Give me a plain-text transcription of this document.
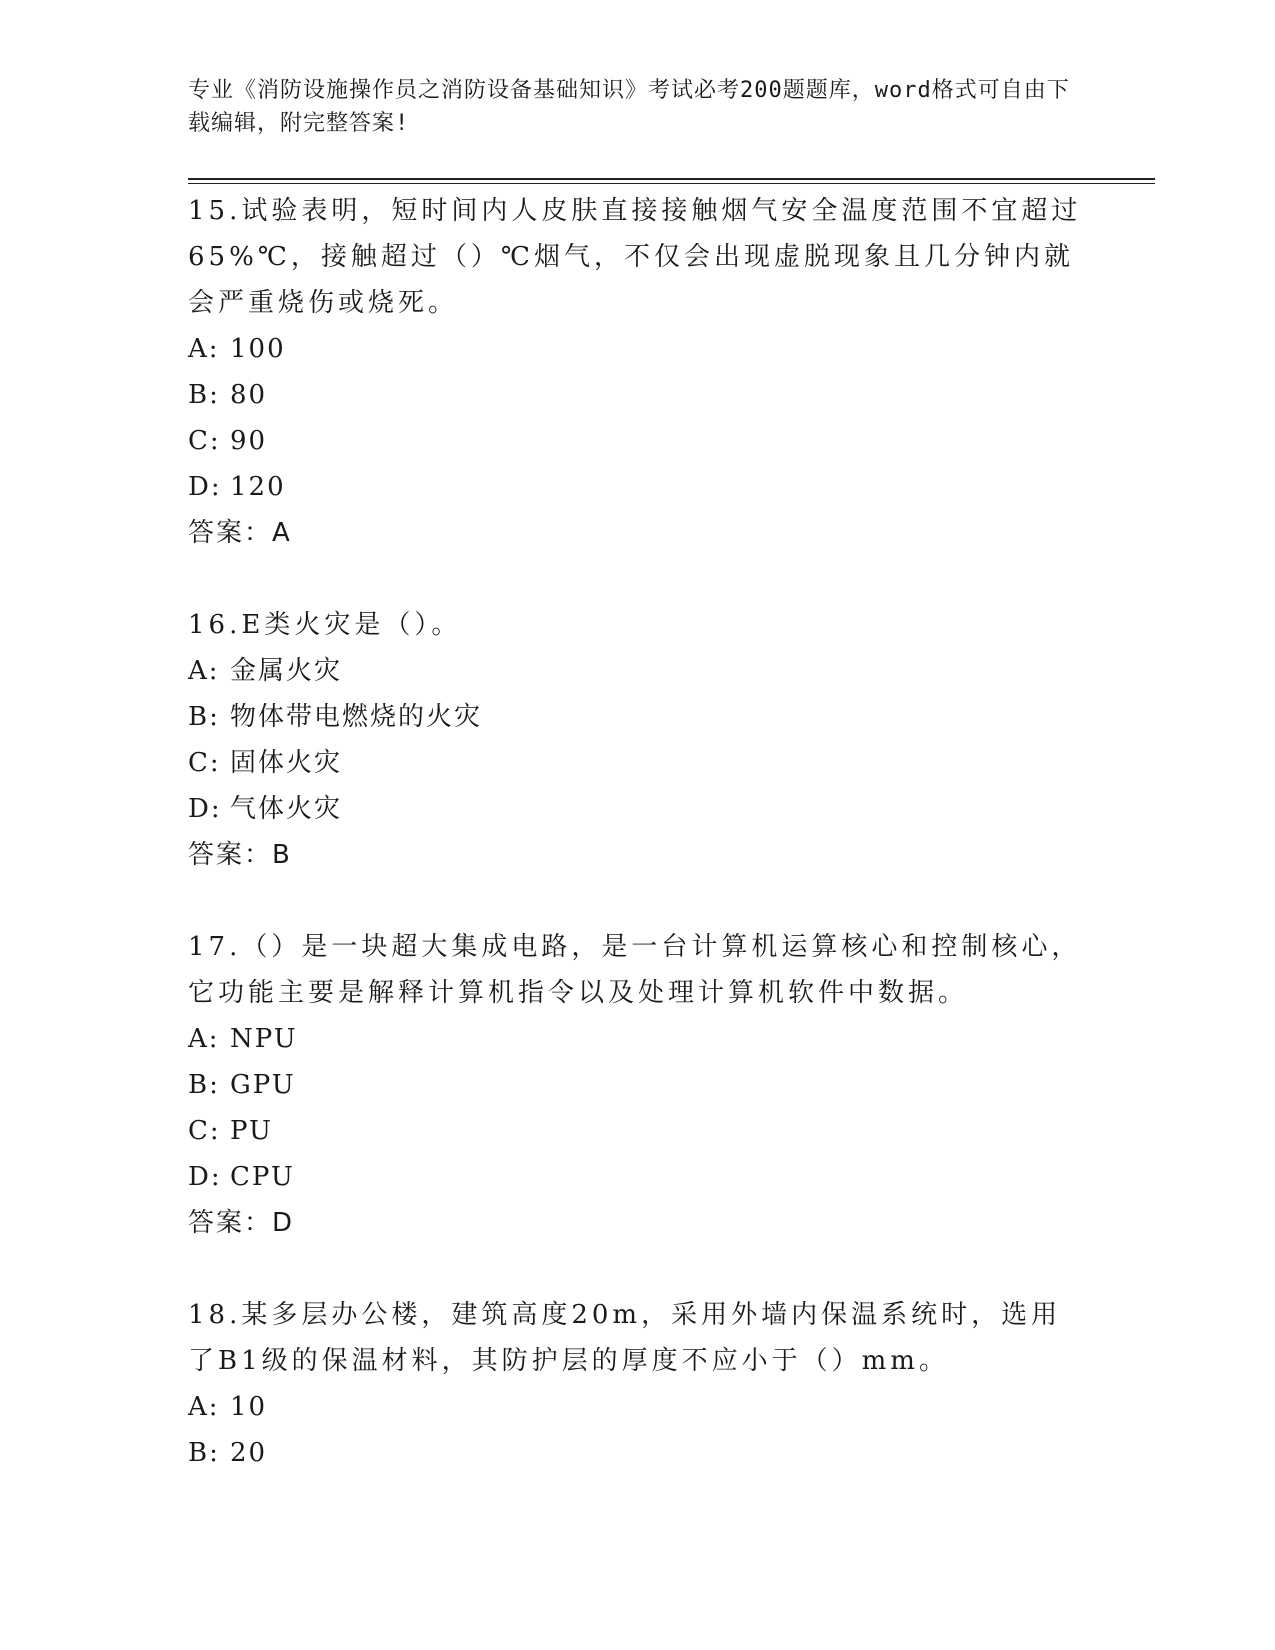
专业《消防设施操作员之消防设备基础知识》考试必考200题题库，word格式可自由下载编辑，附完整答案!

15.试验表明，短时间内人皮肤直接接触烟气安全温度范围不宜超过65%℃，接触超过（）℃烟气，不仅会出现虚脱现象且几分钟内就会严重烧伤或烧死。

A: 100

B: 80

C: 90

D: 120

答案：A

16.E类火灾是（）。

A: 金属火灾

B: 物体带电燃烧的火灾

C: 固体火灾

D: 气体火灾

答案：B

17.（）是一块超大集成电路，是一台计算机运算核心和控制核心，它功能主要是解释计算机指令以及处理计算机软件中数据。

A: NPU

B: GPU

C: PU

D: CPU

答案：D

18.某多层办公楼，建筑高度20m，采用外墙内保温系统时，选用了B1级的保温材料，其防护层的厚度不应小于（）mm。

A: 10

B: 20
